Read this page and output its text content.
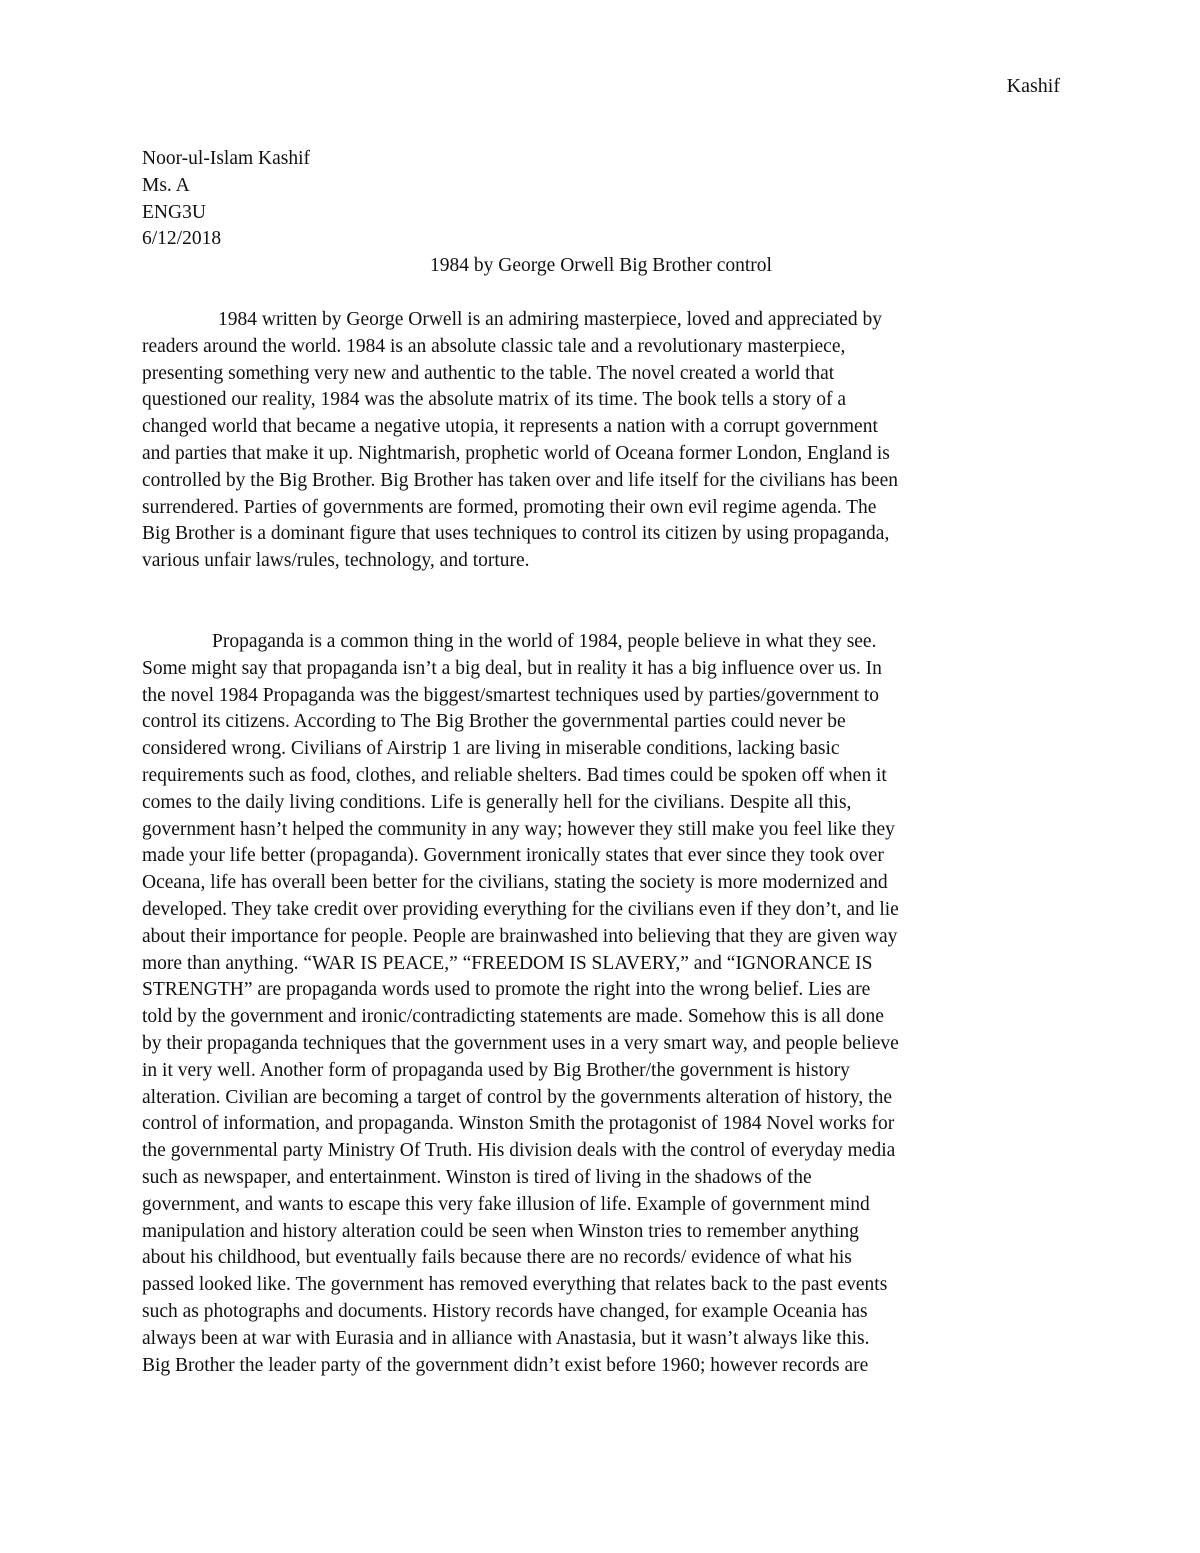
Kashif
Noor-ul-Islam Kashif
Ms. A
ENG3U
6/12/2018
1984 by George Orwell Big Brother control
1984 written by George Orwell is an admiring masterpiece, loved and appreciated by
readers around the world. 1984 is an absolute classic tale and a revolutionary masterpiece,
presenting something very new and authentic to the table. The novel created a world that
questioned our reality, 1984 was the absolute matrix of its time. The book tells a story of a
changed world that became a negative utopia, it represents a nation with a corrupt government
and parties that make it up. Nightmarish, prophetic world of Oceana former London, England is
controlled by the Big Brother. Big Brother has taken over and life itself for the civilians has been
surrendered. Parties of governments are formed, promoting their own evil regime agenda. The
Big Brother is a dominant figure that uses techniques to control its citizen by using propaganda,
various unfair laws/rules, technology, and torture.
Propaganda is a common thing in the world of 1984, people believe in what they see.
Some might say that propaganda isn’t a big deal, but in reality it has a big influence over us. In
the novel 1984 Propaganda was the biggest/smartest techniques used by parties/government to
control its citizens. According to The Big Brother the governmental parties could never be
considered wrong. Civilians of Airstrip 1 are living in miserable conditions, lacking basic
requirements such as food, clothes, and reliable shelters. Bad times could be spoken off when it
comes to the daily living conditions. Life is generally hell for the civilians. Despite all this,
government hasn’t helped the community in any way; however they still make you feel like they
made your life better (propaganda). Government ironically states that ever since they took over
Oceana, life has overall been better for the civilians, stating the society is more modernized and
developed. They take credit over providing everything for the civilians even if they don’t, and lie
about their importance for people. People are brainwashed into believing that they are given way
more than anything. “WAR IS PEACE,” “FREEDOM IS SLAVERY,” and “IGNORANCE IS
STRENGTH” are propaganda words used to promote the right into the wrong belief. Lies are
told by the government and ironic/contradicting statements are made. Somehow this is all done
by their propaganda techniques that the government uses in a very smart way, and people believe
in it very well. Another form of propaganda used by Big Brother/the government is history
alteration. Civilian are becoming a target of control by the governments alteration of history, the
control of information, and propaganda. Winston Smith the protagonist of 1984 Novel works for
the governmental party Ministry Of Truth. His division deals with the control of everyday media
such as newspaper, and entertainment. Winston is tired of living in the shadows of the
government, and wants to escape this very fake illusion of life. Example of government mind
manipulation and history alteration could be seen when Winston tries to remember anything
about his childhood, but eventually fails because there are no records/ evidence of what his
passed looked like. The government has removed everything that relates back to the past events
such as photographs and documents. History records have changed, for example Oceania has
always been at war with Eurasia and in alliance with Anastasia, but it wasn’t always like this.
Big Brother the leader party of the government didn’t exist before 1960; however records are
